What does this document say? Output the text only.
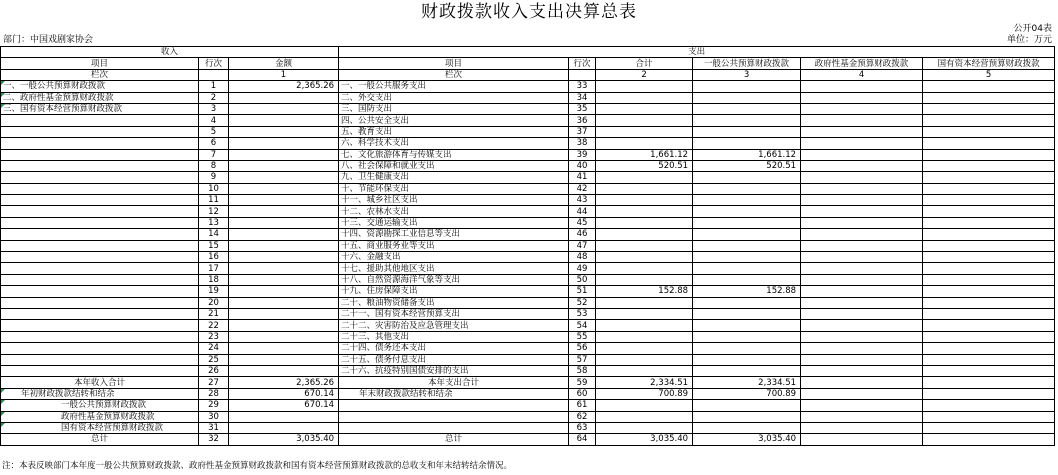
财政拨款收入支出决算总表
公开04表
部门：中国戏剧家协会	单位：万元
收入			支出					
项目	行次	金额	项目	行次	合计	一般公共预算财政拨款	政府性基金预算财政拨款	国有资本经营预算财政拨款
栏次		1	栏次		2	3	4	5
一、一般公共预算财政拨款	1	2,365.26	一、一般公共服务支出	33				
二、政府性基金预算财政拨款	2		二、外交支出	34				
三、国有资本经营预算财政拨款	3		三、国防支出	35				
	4		四、公共安全支出	36				
	5		五、教育支出	37				
	6		六、科学技术支出	38				
	7		七、文化旅游体育与传媒支出	39	1,661.12	1,661.12		
	8		八、社会保障和就业支出	40	520.51	520.51		
	9		九、卫生健康支出	41				
	10		十、节能环保支出	42				
	11		十一、城乡社区支出	43				
	12		十二、农林水支出	44				
	13		十三、交通运输支出	45				
	14		十四、资源勘探工业信息等支出	46				
	15		十五、商业服务业等支出	47				
	16		十六、金融支出	48				
	17		十七、援助其他地区支出	49				
	18		十八、自然资源海洋气象等支出	50				
	19		十九、住房保障支出	51	152.88	152.88		
	20		二十、粮油物资储备支出	52				
	21		二十一、国有资本经营预算支出	53				
	22		二十二、灾害防治及应急管理支出	54				
	23		二十三、其他支出	55				
	24		二十四、债务还本支出	56				
	25		二十五、债务付息支出	57				
	26		二十六、抗疫特别国债安排的支出	58				
本年收入合计	27	2,365.26	本年支出合计	59	2,334.51	2,334.51		
年初财政拨款结转和结余	28	670.14	年末财政拨款结转和结余	60	700.89	700.89		
一般公共预算财政拨款	29	670.14		61				
政府性基金预算财政拨款	30			62				
国有资本经营预算财政拨款	31			63				
总计	32	3,035.40	总计	64	3,035.40	3,035.40		
注：本表反映部门本年度一般公共预算财政拨款、政府性基金预算财政拨款和国有资本经营预算财政拨款的总收支和年末结转结余情况。
